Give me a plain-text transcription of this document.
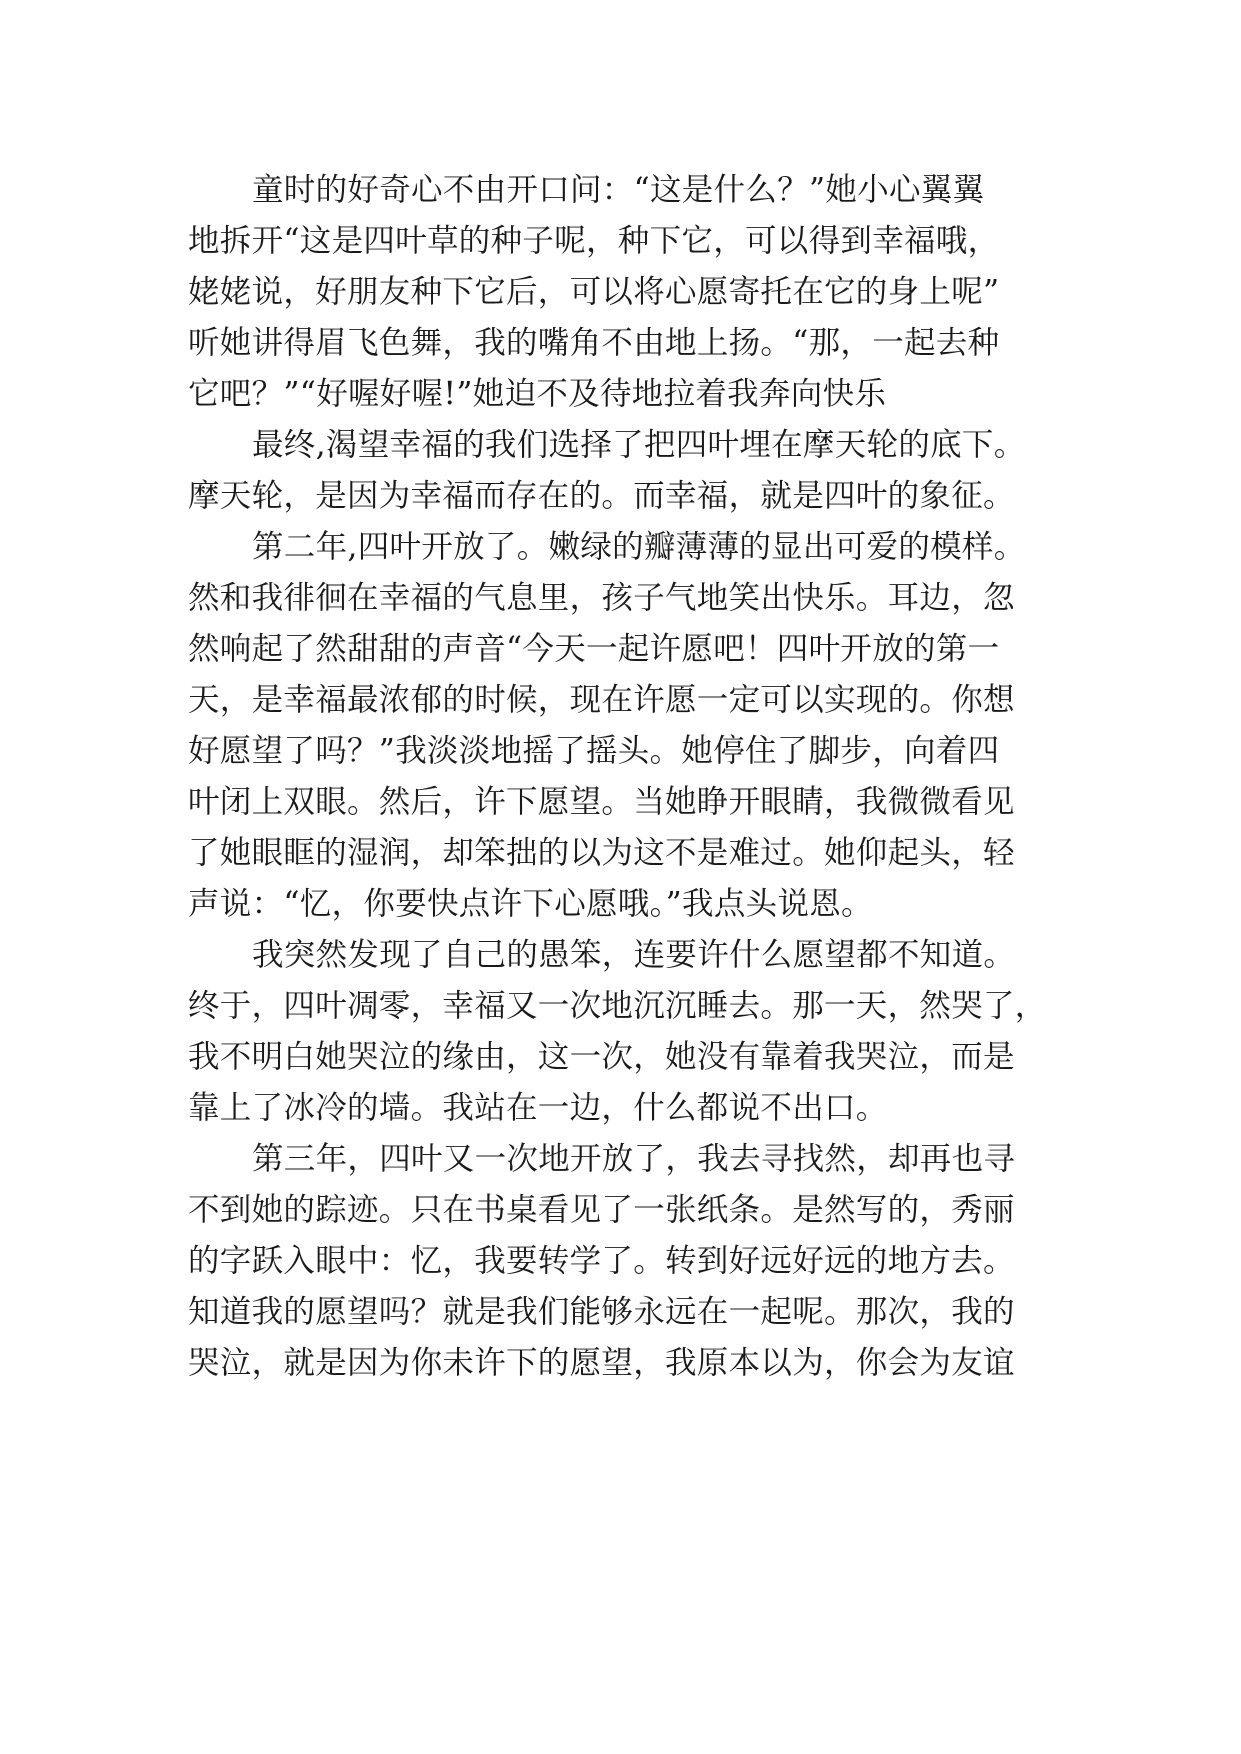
童时的好奇心不由开口问：“这是什么？”她小心翼翼
地拆开“这是四叶草的种子呢，种下它，可以得到幸福哦，
姥姥说，好朋友种下它后，可以将心愿寄托在它的身上呢”
听她讲得眉飞色舞，我的嘴角不由地上扬。“那，一起去种
它吧？”“好喔好喔!”她迫不及待地拉着我奔向快乐
最终,渴望幸福的我们选择了把四叶埋在摩天轮的底下。
摩天轮，是因为幸福而存在的。而幸福，就是四叶的象征。
第二年,四叶开放了。嫩绿的瓣薄薄的显出可爱的模样。
然和我徘徊在幸福的气息里，孩子气地笑出快乐。耳边，忽
然响起了然甜甜的声音“今天一起许愿吧！四叶开放的第一
天，是幸福最浓郁的时候，现在许愿一定可以实现的。你想
好愿望了吗？”我淡淡地摇了摇头。她停住了脚步，向着四
叶闭上双眼。然后，许下愿望。当她睁开眼睛，我微微看见
了她眼眶的湿润，却笨拙的以为这不是难过。她仰起头，轻
声说：“忆，你要快点许下心愿哦。”我点头说恩。
我突然发现了自己的愚笨，连要许什么愿望都不知道。
终于，四叶凋零，幸福又一次地沉沉睡去。那一天，然哭了，
我不明白她哭泣的缘由，这一次，她没有靠着我哭泣，而是
靠上了冰冷的墙。我站在一边，什么都说不出口。
第三年，四叶又一次地开放了，我去寻找然，却再也寻
不到她的踪迹。只在书桌看见了一张纸条。是然写的，秀丽
的字跃入眼中：忆，我要转学了。转到好远好远的地方去。
知道我的愿望吗？就是我们能够永远在一起呢。那次，我的
哭泣，就是因为你未许下的愿望，我原本以为，你会为友谊
